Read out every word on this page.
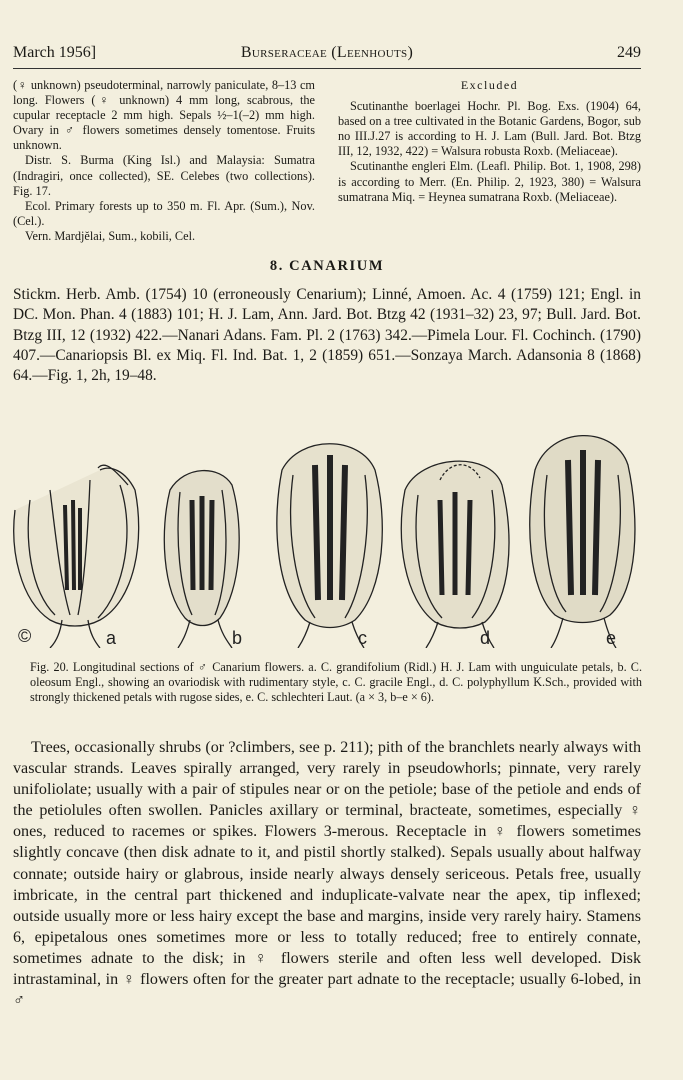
March 1956]	Burseraceae (Leenhouts)	249

(♀ unknown) pseudoterminal, narrowly paniculate, 8–13 cm long. Flowers (♀ unknown) 4 mm long, scabrous, the cupular receptacle 2 mm high. Sepals ½–1(–2) mm high. Ovary in ♂ flowers sometimes densely tomentose. Fruits unknown.

Distr. S. Burma (King Isl.) and Malaysia: Sumatra (Indragiri, once collected), SE. Celebes (two collections). Fig. 17.

Ecol. Primary forests up to 350 m. Fl. Apr. (Sum.), Nov. (Cel.).

Vern. Mardjĕlai, Sum., kobili, Cel.

Excluded

Scutinanthe boerlagei Hochr. Pl. Bog. Exs. (1904) 64, based on a tree cultivated in the Botanic Gardens, Bogor, sub no III.J.27 is according to H. J. Lam (Bull. Jard. Bot. Btzg III, 12, 1932, 422) = Walsura robusta Roxb. (Meliaceae).

Scutinanthe engleri Elm. (Leafl. Philip. Bot. 1, 1908, 298) is according to Merr. (En. Philip. 2, 1923, 380) = Walsura sumatrana Miq. = Heynea sumatrana Roxb. (Meliaceae).

8. CANARIUM

Stickm. Herb. Amb. (1754) 10 (erroneously Cenarium); Linné, Amoen. Ac. 4 (1759) 121; Engl. in DC. Mon. Phan. 4 (1883) 101; H. J. Lam, Ann. Jard. Bot. Btzg 42 (1931–32) 23, 97; Bull. Jard. Bot. Btzg III, 12 (1932) 422.—Nanari Adans. Fam. Pl. 2 (1763) 342.—Pimela Lour. Fl. Cochinch. (1790) 407.—Canariopsis Bl. ex Miq. Fl. Ind. Bat. 1, 2 (1859) 651.—Sonzaya March. Adansonia 8 (1868) 64.—Fig. 1, 2h, 19–48.

©	a	b	c	d	e

Fig. 20. Longitudinal sections of ♂ Canarium flowers. a. C. grandifolium (Ridl.) H. J. Lam with unguiculate petals, b. C. oleosum Engl., showing an ovariodisk with rudimentary style, c. C. gracile Engl., d. C. polyphyllum K.Sch., provided with strongly thickened petals with rugose sides, e. C. schlechteri Laut. (a × 3, b–e × 6).

Trees, occasionally shrubs (or ?climbers, see p. 211); pith of the branchlets nearly always with vascular strands. Leaves spirally arranged, very rarely in pseudowhorls; pinnate, very rarely unifoliolate; usually with a pair of stipules near or on the petiole; base of the petiole and ends of the petiolules often swollen. Panicles axillary or terminal, bracteate, sometimes, especially ♀ ones, reduced to racemes or spikes. Flowers 3-merous. Receptacle in ♀ flowers sometimes slightly concave (then disk adnate to it, and pistil shortly stalked). Sepals usually about halfway connate; outside hairy or glabrous, inside nearly always densely sericeous. Petals free, usually imbricate, in the central part thickened and induplicate-valvate near the apex, tip inflexed; outside usually more or less hairy except the base and margins, inside very rarely hairy. Stamens 6, epipetalous ones sometimes more or less to totally reduced; free to entirely connate, sometimes adnate to the disk; in ♀ flowers sterile and often less well developed. Disk intrastaminal, in ♀ flowers often for the greater part adnate to the receptacle; usually 6-lobed, in ♂
